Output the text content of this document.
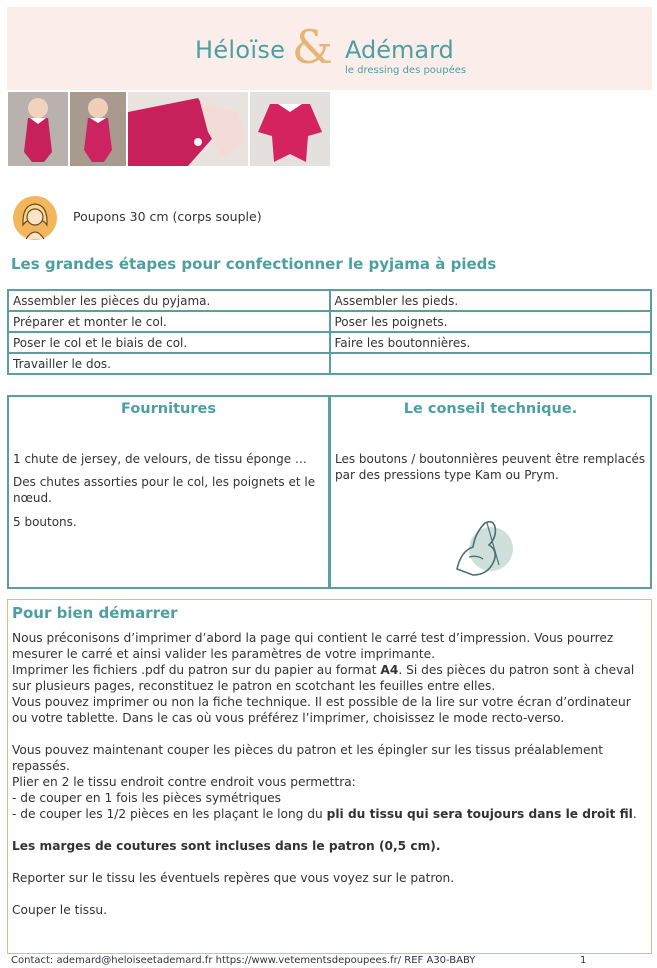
Héloïse & Adémard
le dressing des poupées
Poupons 30 cm (corps souple)
Les grandes étapes pour confectionner le pyjama à pieds
Assembler les pièces du pyjama.	Assembler les pieds.
Préparer et monter le col.	Poser les poignets.
Poser le col et le biais de col.	Faire les boutonnières.
Travailler le dos.	
Fournitures
1 chute de jersey, de velours, de tissu éponge …
Des chutes assorties pour le col, les poignets et le nœud.
5 boutons.
Le conseil technique.
Les boutons / boutonnières peuvent être remplacés par des pressions type Kam ou Prym.
Pour bien démarrer

Nous préconisons d’imprimer d’abord la page qui contient le carré test d’impression. Vous pourrez mesurer le carré et ainsi valider les paramètres de votre imprimante.

Imprimer les fichiers .pdf du patron sur du papier au format A4. Si des pièces du patron sont à cheval sur plusieurs pages, reconstituez le patron en scotchant les feuilles entre elles.

Vous pouvez imprimer ou non la fiche technique. Il est possible de la lire sur votre écran d’ordinateur ou votre tablette. Dans le cas où vous préférez l’imprimer, choisissez le mode recto-verso.

Vous pouvez maintenant couper les pièces du patron et les épingler sur les tissus préalablement repassés.

Plier en 2 le tissu endroit contre endroit vous permettra:

- de couper en 1 fois les pièces symétriques

- de couper les 1/2 pièces en les plaçant le long du pli du tissu qui sera toujours dans le droit fil.

Les marges de coutures sont incluses dans le patron (0,5 cm).

Reporter sur le tissu les éventuels repères que vous voyez sur le patron.

Couper le tissu.

Contact: ademard@heloiseetademard.fr https://www.vetementsdepoupees.fr/ REF A30-BABY	1
